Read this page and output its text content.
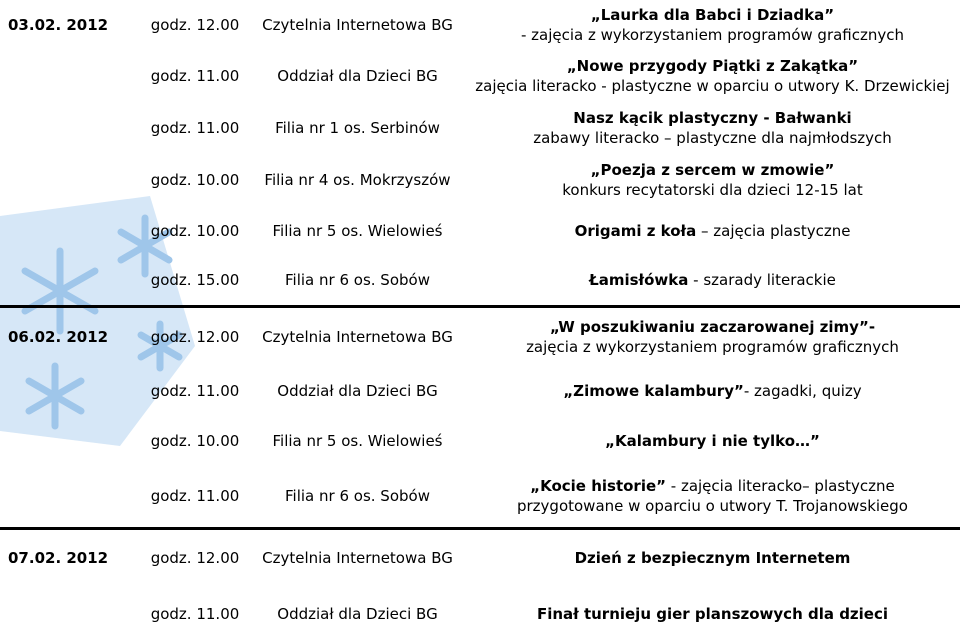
03.02. 2012	godz. 12.00	Czytelnia Internetowa BG	„Laurka dla Babci i Dziadka”
- zajęcia z wykorzystaniem programów graficznych
	godz. 11.00	Oddział dla Dzieci BG	„Nowe przygody Piątki z Zakątka”
zajęcia literacko - plastyczne w oparciu o utwory K. Drzewickiej
	godz. 11.00	Filia nr 1 os. Serbinów	Nasz kącik plastyczny - Bałwanki
zabawy literacko – plastyczne dla najmłodszych
	godz. 10.00	Filia nr 4 os. Mokrzyszów	„Poezja z sercem w zmowie”
konkurs recytatorski dla dzieci 12-15 lat
	godz. 10.00	Filia nr 5 os. Wielowieś	Origami z koła – zajęcia plastyczne
	godz. 15.00	Filia nr 6 os. Sobów	Łamisłówka - szarady literackie
06.02. 2012	godz. 12.00	Czytelnia Internetowa BG	„W poszukiwaniu zaczarowanej zimy”-
zajęcia z wykorzystaniem programów graficznych
	godz. 11.00	Oddział dla Dzieci BG	„Zimowe kalambury”- zagadki, quizy
	godz. 10.00	Filia nr 5 os. Wielowieś	„Kalambury i nie tylko…”
	godz. 11.00	Filia nr 6 os. Sobów	„Kocie historie” - zajęcia literacko– plastyczne
przygotowane w oparciu o utwory T. Trojanowskiego
07.02. 2012	godz. 12.00	Czytelnia Internetowa BG	Dzień z bezpiecznym Internetem
	godz. 11.00	Oddział dla Dzieci BG	Finał turnieju gier planszowych dla dzieci
